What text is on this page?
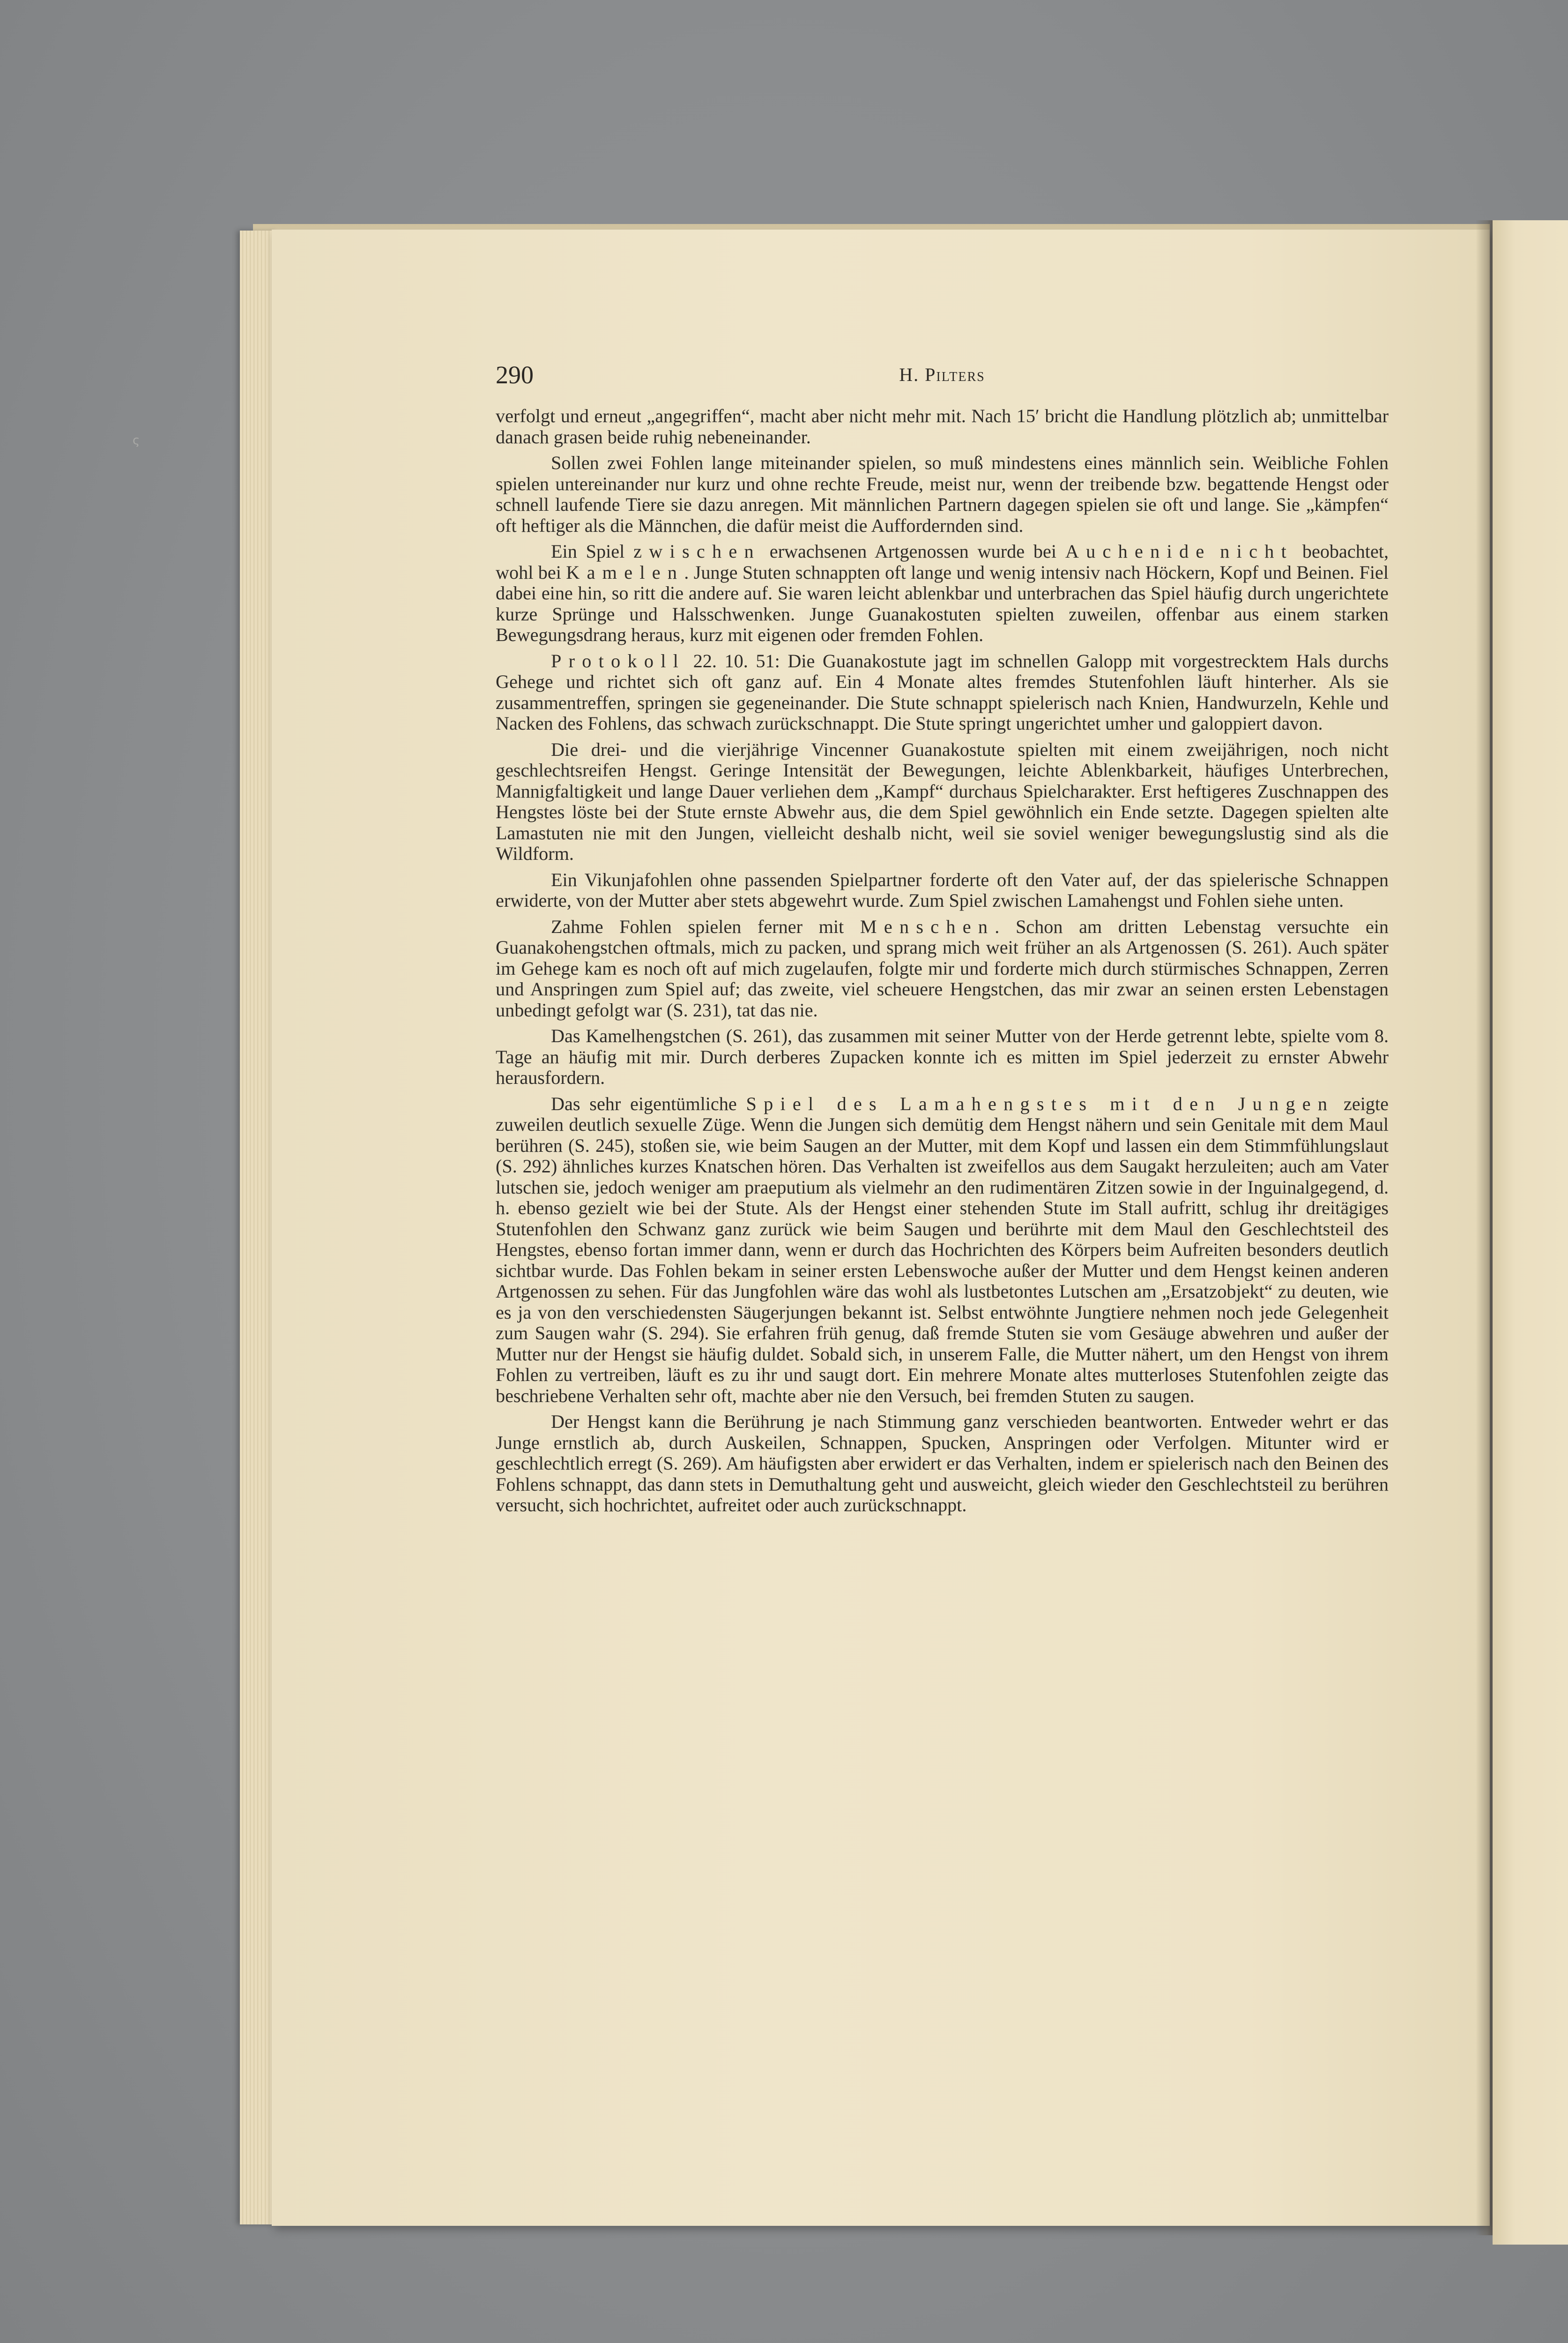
ς
290	H. Pilters

verfolgt und erneut „angegriffen“, macht aber nicht mehr mit. Nach 15′ bricht die Handlung plötzlich ab; unmittelbar danach grasen beide ruhig nebeneinander.

Sollen zwei Fohlen lange miteinander spielen, so muß mindestens eines männlich sein. Weibliche Fohlen spielen untereinander nur kurz und ohne rechte Freude, meist nur, wenn der treibende bzw. begattende Hengst oder schnell laufende Tiere sie dazu anregen. Mit männlichen Partnern dagegen spielen sie oft und lange. Sie „kämpfen“ oft heftiger als die Männchen, die dafür meist die Auffordernden sind.

Ein Spiel zwischen erwachsenen Artgenossen wurde bei Auchenide nicht beobachtet, wohl bei Kamelen. Junge Stuten schnappten oft lange und wenig intensiv nach Höckern, Kopf und Beinen. Fiel dabei eine hin, so ritt die andere auf. Sie waren leicht ablenkbar und unterbrachen das Spiel häufig durch ungerichtete kurze Sprünge und Halsschwenken. Junge Guanakostuten spielten zuweilen, offenbar aus einem starken Bewegungsdrang heraus, kurz mit eigenen oder fremden Fohlen.

Protokoll 22. 10. 51: Die Guanakostute jagt im schnellen Galopp mit vorgestrecktem Hals durchs Gehege und richtet sich oft ganz auf. Ein 4 Monate altes fremdes Stutenfohlen läuft hinterher. Als sie zusammentreffen, springen sie gegeneinander. Die Stute schnappt spielerisch nach Knien, Handwurzeln, Kehle und Nacken des Fohlens, das schwach zurückschnappt. Die Stute springt ungerichtet umher und galoppiert davon.

Die drei- und die vierjährige Vincenner Guanakostute spielten mit einem zweijährigen, noch nicht geschlechtsreifen Hengst. Geringe Intensität der Bewegungen, leichte Ablenkbarkeit, häufiges Unterbrechen, Mannigfaltigkeit und lange Dauer verliehen dem „Kampf“ durchaus Spielcharakter. Erst heftigeres Zuschnappen des Hengstes löste bei der Stute ernste Abwehr aus, die dem Spiel gewöhnlich ein Ende setzte. Dagegen spielten alte Lamastuten nie mit den Jungen, vielleicht deshalb nicht, weil sie soviel weniger bewegungslustig sind als die Wildform.

Ein Vikunjafohlen ohne passenden Spielpartner forderte oft den Vater auf, der das spielerische Schnappen erwiderte, von der Mutter aber stets abgewehrt wurde. Zum Spiel zwischen Lamahengst und Fohlen siehe unten.

Zahme Fohlen spielen ferner mit Menschen. Schon am dritten Lebenstag versuchte ein Guanakohengstchen oftmals, mich zu packen, und sprang mich weit früher an als Artgenossen (S. 261). Auch später im Gehege kam es noch oft auf mich zugelaufen, folgte mir und forderte mich durch stürmisches Schnappen, Zerren und Anspringen zum Spiel auf; das zweite, viel scheuere Hengstchen, das mir zwar an seinen ersten Lebenstagen unbedingt gefolgt war (S. 231), tat das nie.

Das Kamelhengstchen (S. 261), das zusammen mit seiner Mutter von der Herde getrennt lebte, spielte vom 8. Tage an häufig mit mir. Durch derberes Zupacken konnte ich es mitten im Spiel jederzeit zu ernster Abwehr herausfordern.

Das sehr eigentümliche Spiel des Lamahengstes mit den Jungen zeigte zuweilen deutlich sexuelle Züge. Wenn die Jungen sich demütig dem Hengst nähern und sein Genitale mit dem Maul berühren (S. 245), stoßen sie, wie beim Saugen an der Mutter, mit dem Kopf und lassen ein dem Stimmfühlungslaut (S. 292) ähnliches kurzes Knatschen hören. Das Verhalten ist zweifellos aus dem Saugakt herzuleiten; auch am Vater lutschen sie, jedoch weniger am praeputium als vielmehr an den rudimentären Zitzen sowie in der Inguinalgegend, d. h. ebenso gezielt wie bei der Stute. Als der Hengst einer stehenden Stute im Stall aufritt, schlug ihr dreitägiges Stutenfohlen den Schwanz ganz zurück wie beim Saugen und berührte mit dem Maul den Geschlechtsteil des Hengstes, ebenso fortan immer dann, wenn er durch das Hochrichten des Körpers beim Aufreiten besonders deutlich sichtbar wurde. Das Fohlen bekam in seiner ersten Lebenswoche außer der Mutter und dem Hengst keinen anderen Artgenossen zu sehen. Für das Jungfohlen wäre das wohl als lustbetontes Lutschen am „Ersatzobjekt“ zu deuten, wie es ja von den verschiedensten Säugerjungen bekannt ist. Selbst entwöhnte Jungtiere nehmen noch jede Gelegenheit zum Saugen wahr (S. 294). Sie erfahren früh genug, daß fremde Stuten sie vom Gesäuge abwehren und außer der Mutter nur der Hengst sie häufig duldet. Sobald sich, in unserem Falle, die Mutter nähert, um den Hengst von ihrem Fohlen zu vertreiben, läuft es zu ihr und saugt dort. Ein mehrere Monate altes mutterloses Stutenfohlen zeigte das beschriebene Verhalten sehr oft, machte aber nie den Versuch, bei fremden Stuten zu saugen.

Der Hengst kann die Berührung je nach Stimmung ganz verschieden beantworten. Entweder wehrt er das Junge ernstlich ab, durch Auskeilen, Schnappen, Spucken, Anspringen oder Verfolgen. Mitunter wird er geschlechtlich erregt (S. 269). Am häufigsten aber erwidert er das Verhalten, indem er spielerisch nach den Beinen des Fohlens schnappt, das dann stets in Demuthaltung geht und ausweicht, gleich wieder den Geschlechtsteil zu berühren versucht, sich hochrichtet, aufreitet oder auch zurückschnappt.
